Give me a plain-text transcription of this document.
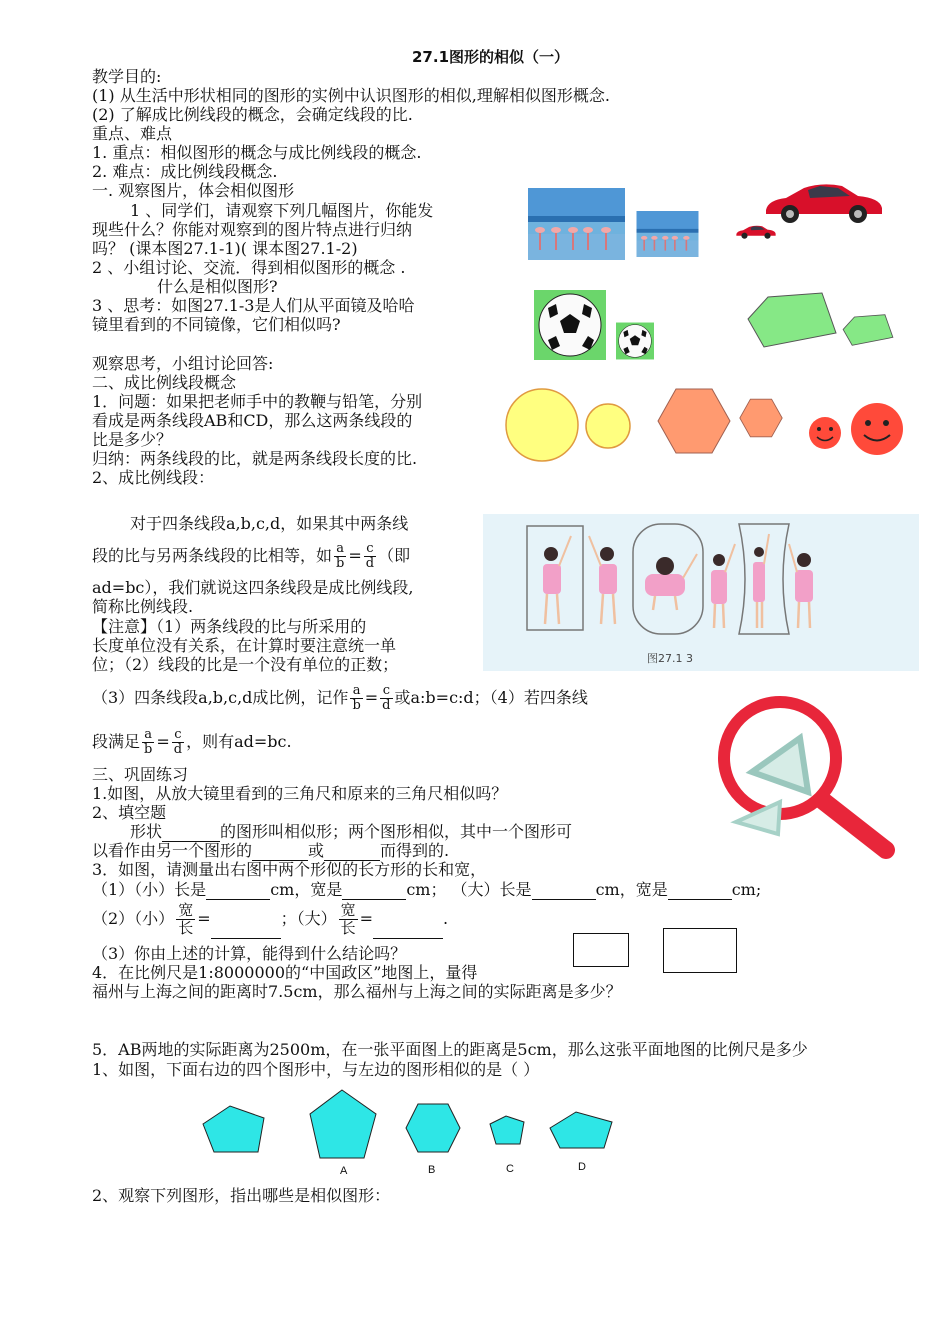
27.1图形的相似（一）
教学目的:
(1) 从生活中形状相同的图形的实例中认识图形的相似,理解相似图形概念.
(2) 了解成比例线段的概念，会确定线段的比.
重点、难点
1. 重点：相似图形的概念与成比例线段的概念.
2. 难点：成比例线段概念.
一. 观察图片，体会相似图形
1 、同学们，请观察下列几幅图片，你能发
现些什么？你能对观察到的图片特点进行归纳
吗？ (课本图27.1-1)( 课本图27.1-2)
2 、小组讨论、交流．得到相似图形的概念 .
什么是相似图形?
3 、思考：如图27.1-3是人们从平面镜及哈哈
镜里看到的不同镜像，它们相似吗?
观察思考，小组讨论回答:
二、成比例线段概念
1．问题：如果把老师手中的教鞭与铅笔，分别
看成是两条线段AB和CD，那么这两条线段的
比是多少？
归纳：两条线段的比，就是两条线段长度的比.
2、成比例线段：
对于四条线段a,b,c,d，如果其中两条线
段的比与另两条线段的比相等，如 $\frac{a}{b} = \frac{c}{d}$ （即
ad=bc），我们就说这四条线段是成比例线段,
简称比例线段.
【注意】（1）两条线段的比与所采用的
长度单位没有关系，在计算时要注意统一单
位；（2）线段的比是一个没有单位的正数；
（3）四条线段a,b,c,d成比例，记作 $\frac{a}{b} = \frac{c}{d}$ 或a:b=c:d；（4）若四条线
段满足 $\frac{a}{b} = \frac{c}{d}$ ，则有ad=bc.
三、巩固练习
1.如图，从放大镜里看到的三角尺和原来的三角尺相似吗？
2、填空题
形状	的图形叫相似形；两个图形相似，其中一个图形可
以看作由另一个图形的	或	而得到的.
3．如图，请测量出右图中两个形似的长方形的长和宽，
（1）（小）长是	cm，宽是	cm； （大）长是	cm，宽是	cm;
（2）（小） $\frac{\text{宽}}{\text{长}}$ =	；（大） $\frac{\text{宽}}{\text{长}}$ =	.
（3）你由上述的计算，能得到什么结论吗？
4．在比例尺是1:8000000的“中国政区”地图上，量得
福州与上海之间的距离时7.5cm，那么福州与上海之间的实际距离是多少？
5．AB两地的实际距离为2500m，在一张平面图上的距离是5cm，那么这张平面地图的比例尺是多少
1、如图，下面右边的四个图形中，与左边的图形相似的是（ ）
2、观察下列图形，指出哪些是相似图形：
图27.1 3
A	B	C	D
